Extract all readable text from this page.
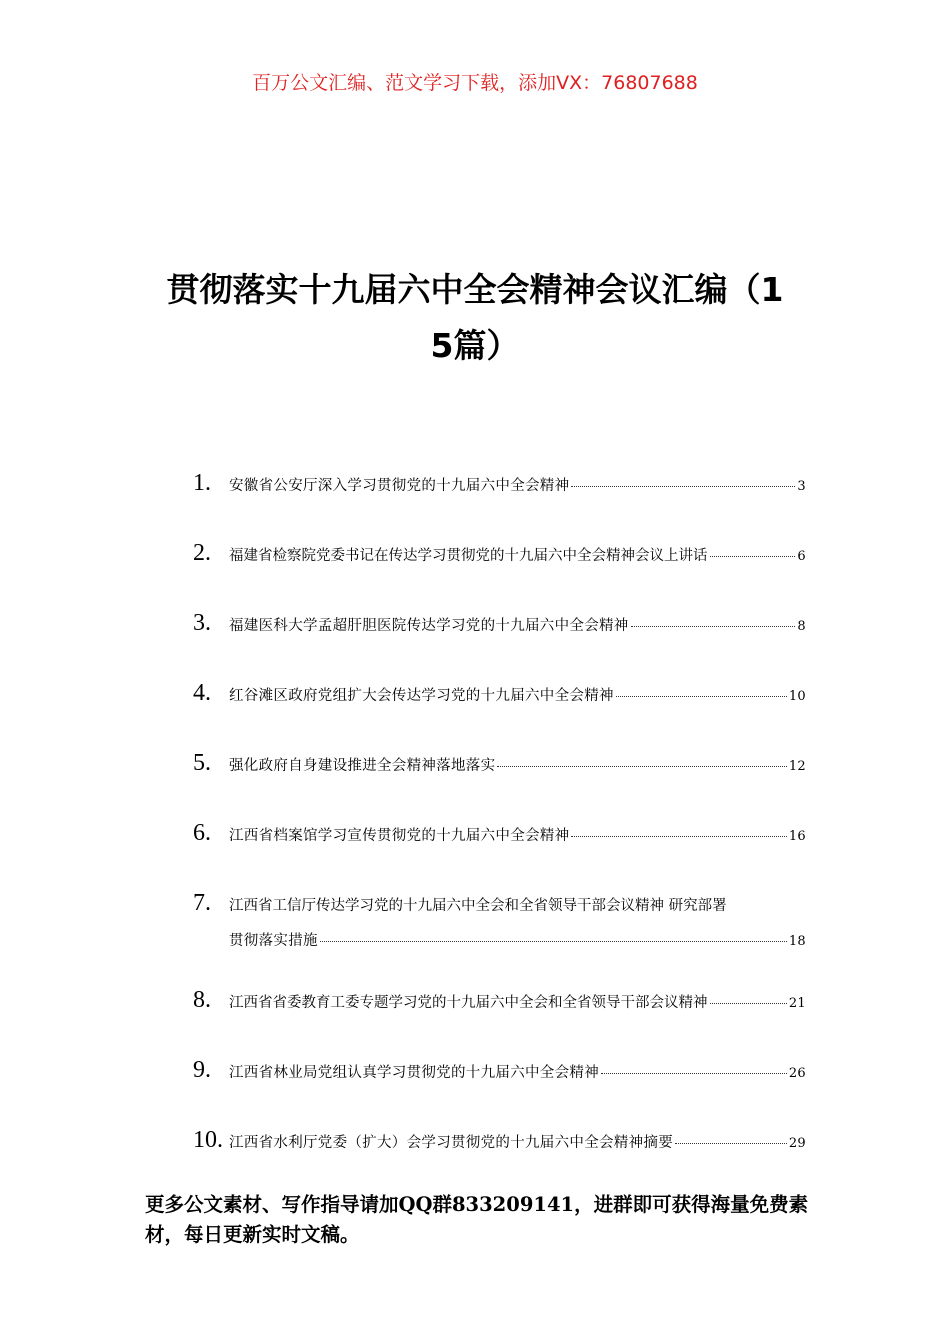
百万公文汇编、范文学习下载，添加VX：76807688
贯彻落实十九届六中全会精神会议汇编（1
5篇）
1.	安徽省公安厅深入学习贯彻党的十九届六中全会精神	3
2.	福建省检察院党委书记在传达学习贯彻党的十九届六中全会精神会议上讲话	6
3.	福建医科大学孟超肝胆医院传达学习党的十九届六中全会精神	8
4.	红谷滩区政府党组扩大会传达学习党的十九届六中全会精神	10
5.	强化政府自身建设推进全会精神落地落实	12
6.	江西省档案馆学习宣传贯彻党的十九届六中全会精神	16
7.	江西省工信厅传达学习党的十九届六中全会和全省领导干部会议精神 研究部署
贯彻落实措施	18
8.	江西省省委教育工委专题学习党的十九届六中全会和全省领导干部会议精神	21
9.	江西省林业局党组认真学习贯彻党的十九届六中全会精神	26
10. 江西省水利厅党委（扩大）会学习贯彻党的十九届六中全会精神摘要	29
更多公文素材、写作指导请加QQ群833209141，进群即可获得海量免费素材，每日更新实时文稿。
